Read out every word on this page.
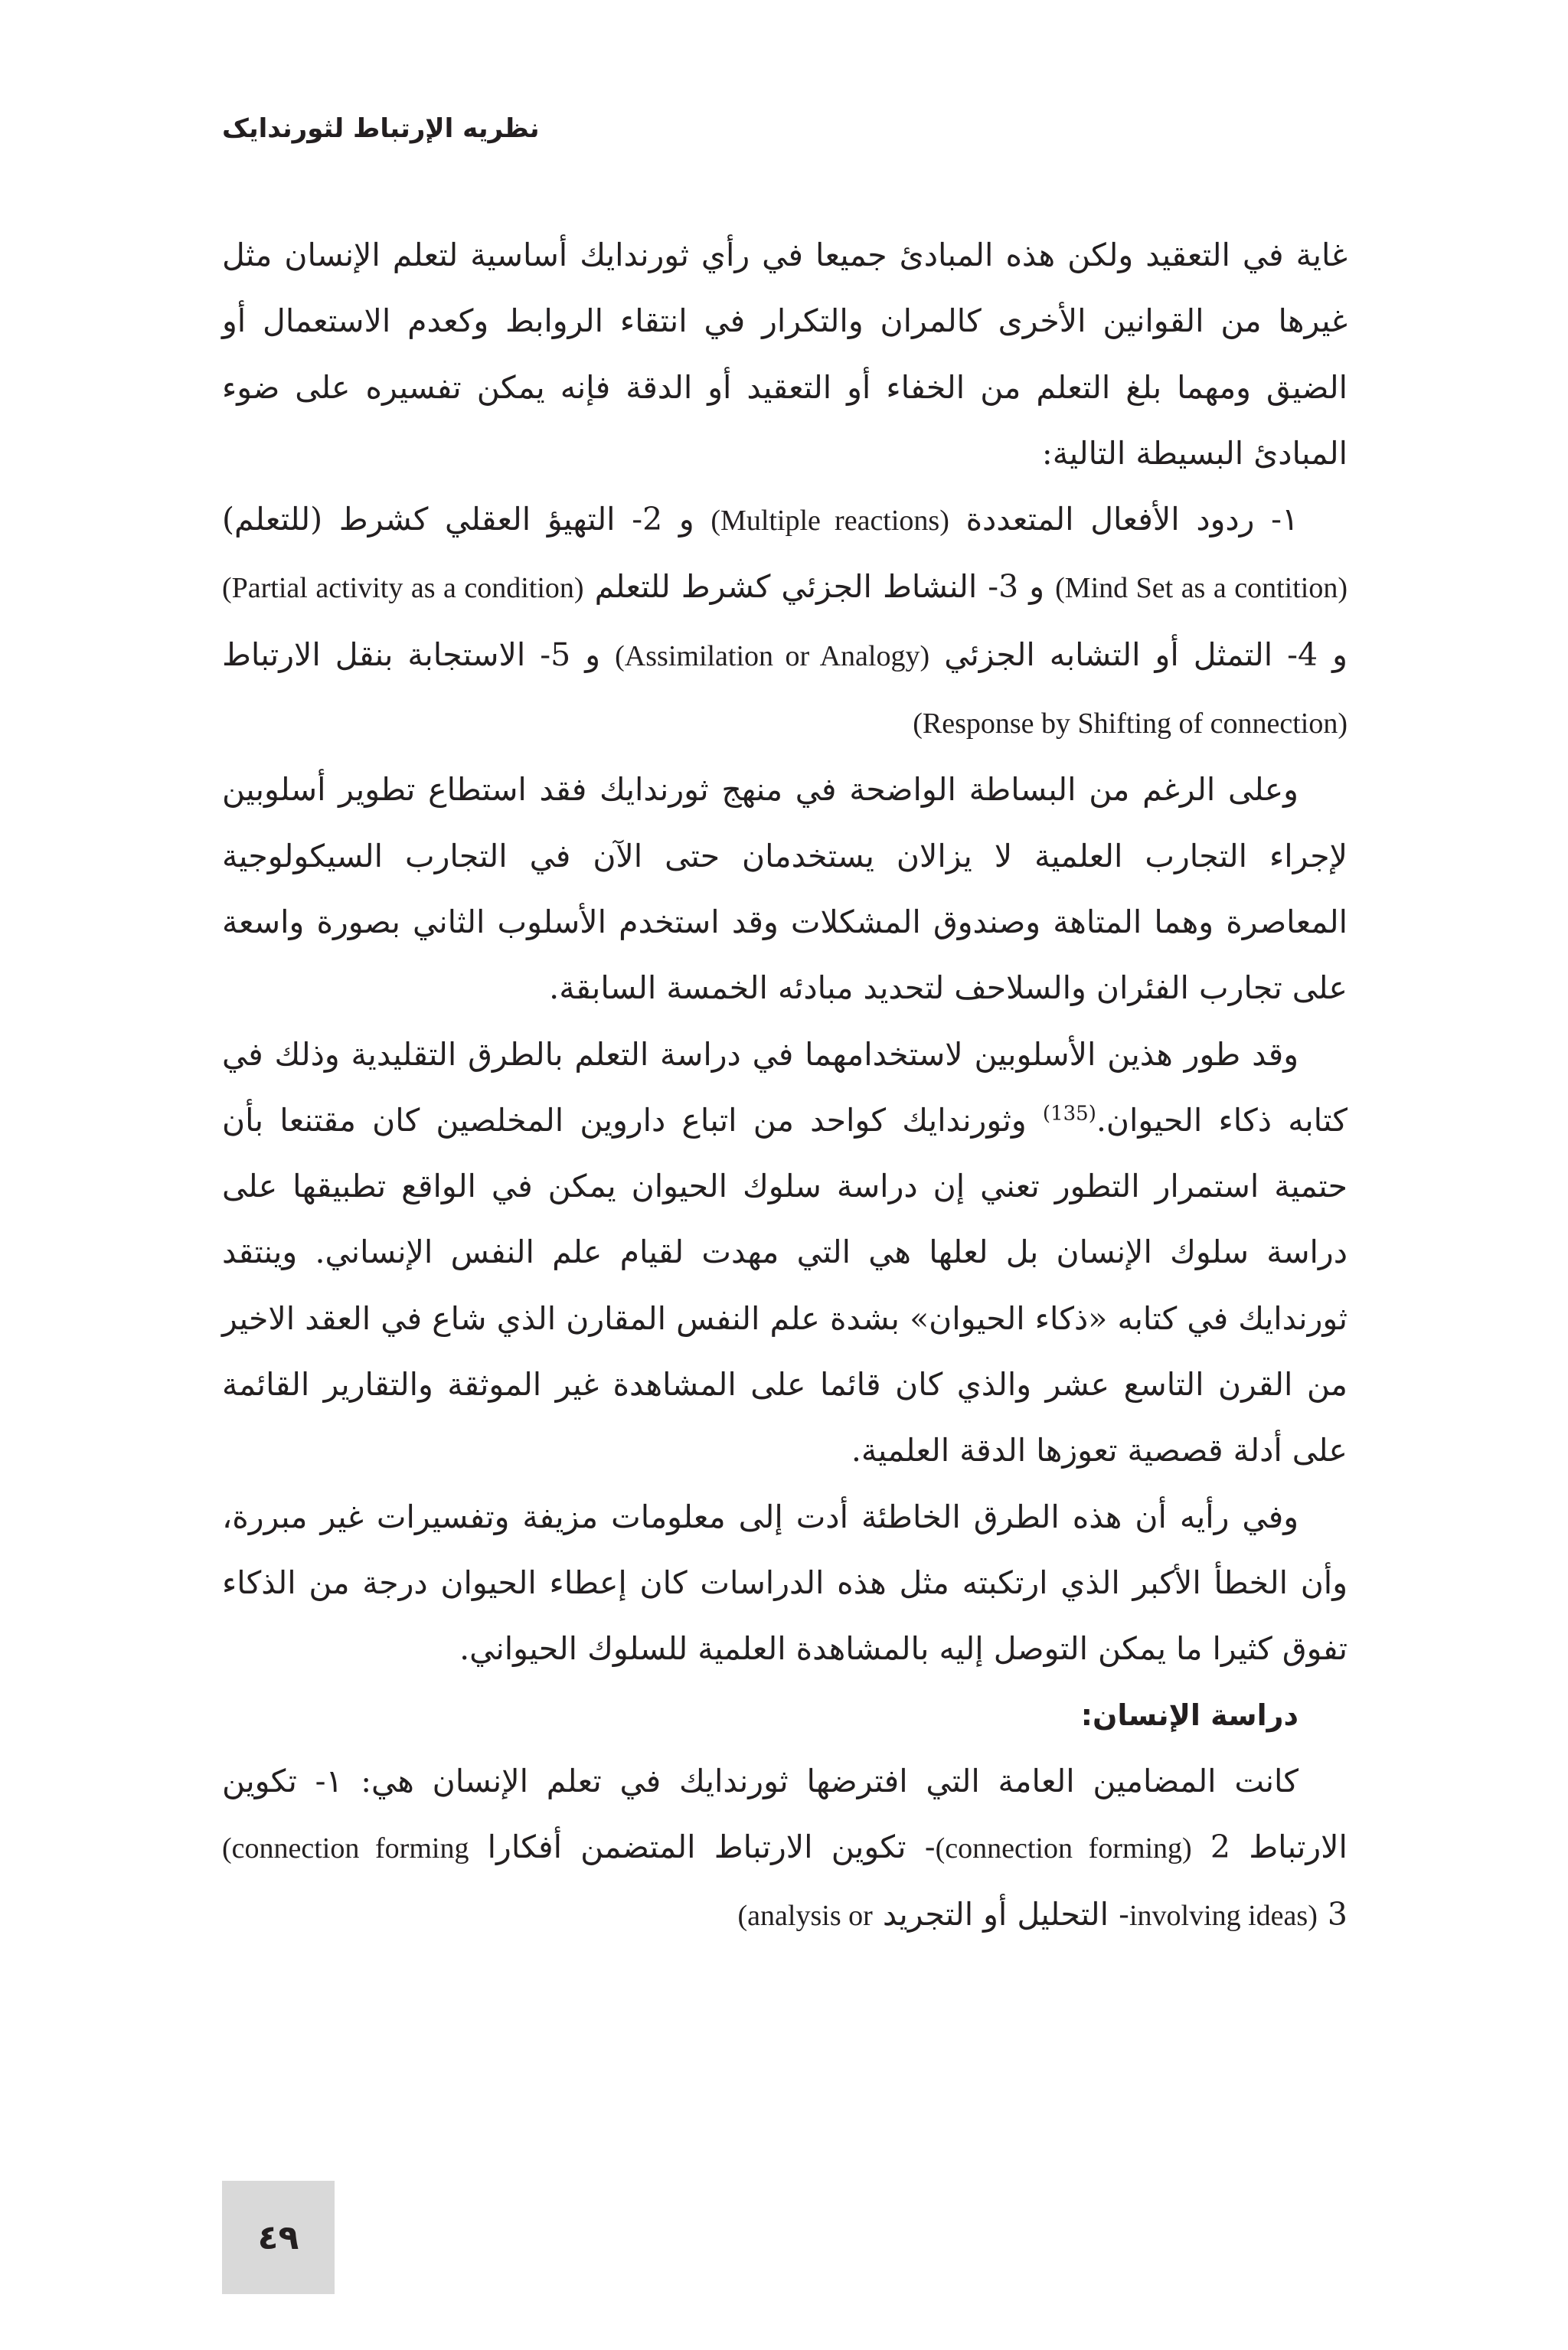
نظريه الإرتباط لثورندايک

غاية في التعقيد ولكن هذه المبادئ جميعا في رأي ثورندايك أساسية لتعلم الإنسان مثل غيرها من القوانين الأخرى كالمران والتكرار في انتقاء الروابط وكعدم الاستعمال أو الضيق ومهما بلغ التعلم من الخفاء أو التعقيد أو الدقة فإنه يمكن تفسيره على ضوء المبادئ البسيطة التالية:

١- ردود الأفعال المتعددة (Multiple reactions) و 2- التهيؤ العقلي كشرط (للتعلم) (Mind Set as a contition) و 3- النشاط الجزئي كشرط للتعلم (Partial activity as a condition) و 4- التمثل أو التشابه الجزئي (Assimilation or Analogy) و 5- الاستجابة بنقل الارتباط (Response by Shifting of connection)

وعلى الرغم من البساطة الواضحة في منهج ثورندايك فقد استطاع تطوير أسلوبين لإجراء التجارب العلمية لا يزالان يستخدمان حتى الآن في التجارب السيكولوجية المعاصرة وهما المتاهة وصندوق المشكلات وقد استخدم الأسلوب الثاني بصورة واسعة على تجارب الفئران والسلاحف لتحديد مبادئه الخمسة السابقة.

وقد طور هذين الأسلوبين لاستخدامهما في دراسة التعلم بالطرق التقليدية وذلك في كتابه ذكاء الحيوان.$^{(135)}$ وثورندايك كواحد من اتباع داروين المخلصين كان مقتنعا بأن حتمية استمرار التطور تعني إن دراسة سلوك الحيوان يمكن في الواقع تطبيقها على دراسة سلوك الإنسان بل لعلها هي التي مهدت لقيام علم النفس الإنساني. وينتقد ثورندايك في كتابه «ذكاء الحيوان» بشدة علم النفس المقارن الذي شاع في العقد الاخير من القرن التاسع عشر والذي كان قائما على المشاهدة غير الموثقة والتقارير القائمة على أدلة قصصية تعوزها الدقة العلمية.

وفي رأيه أن هذه الطرق الخاطئة أدت إلى معلومات مزيفة وتفسيرات غير مبررة، وأن الخطأ الأكبر الذي ارتكبته مثل هذه الدراسات كان إعطاء الحيوان درجة من الذكاء تفوق كثيرا ما يمكن التوصل إليه بالمشاهدة العلمية للسلوك الحيواني.

دراسة الإنسان:

كانت المضامين العامة التي افترضها ثورندايك في تعلم الإنسان هي: ١- تكوين الارتباط (connection forming) 2- تكوين الارتباط المتضمن أفكارا (connection forming involving ideas) 3- التحليل أو التجريد (analysis or

٤٩
